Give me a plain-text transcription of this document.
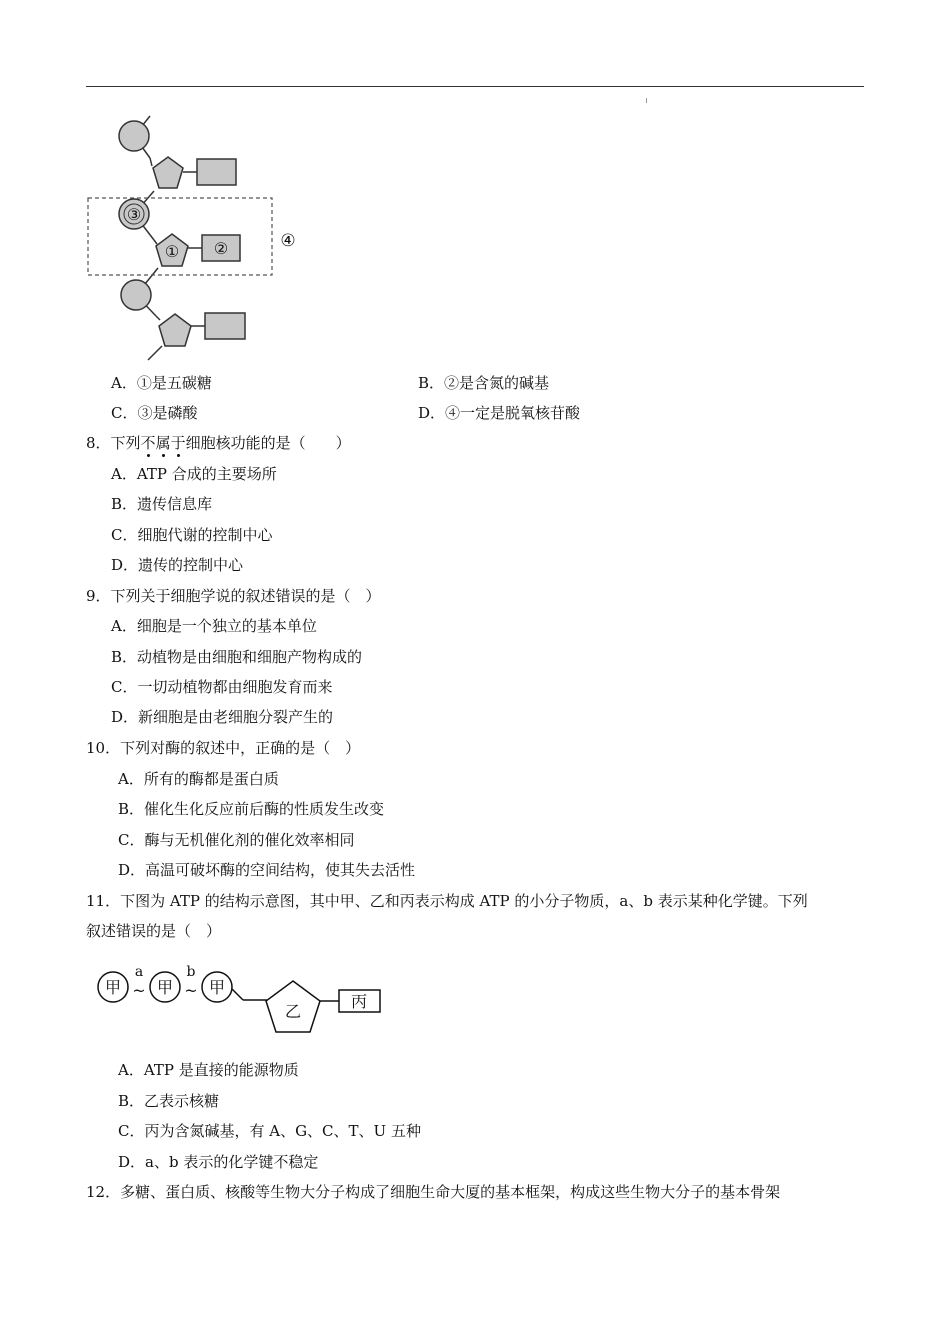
③
① ②	④
A．①是五碳糖	B．②是含氮的碱基
C．③是磷酸	D．④一定是脱氧核苷酸
8．下列不属于细胞核功能的是（　　）
A．ATP 合成的主要场所
B．遗传信息库
C．细胞代谢的控制中心
D．遗传的控制中心
9．下列关于细胞学说的叙述错误的是（　）
A．细胞是一个独立的基本单位
B．动植物是由细胞和细胞产物构成的
C．一切动植物都由细胞发育而来
D．新细胞是由老细胞分裂产生的
10．下列对酶的叙述中，正确的是（　）
A．所有的酶都是蛋白质
B．催化生化反应前后酶的性质发生改变
C．酶与无机催化剂的催化效率相同
D．高温可破坏酶的空间结构，使其失去活性
11．下图为 ATP 的结构示意图，其中甲、乙和丙表示构成 ATP 的小分子物质，a、b 表示某种化学键。下列
叙述错误的是（　）
甲
a
~ 甲
b
~ 甲
乙
丙
A．ATP 是直接的能源物质
B．乙表示核糖
C．丙为含氮碱基，有 A、G、C、T、U 五种
D．a、b 表示的化学键不稳定
12．多糖、蛋白质、核酸等生物大分子构成了细胞生命大厦的基本框架，构成这些生物大分子的基本骨架
